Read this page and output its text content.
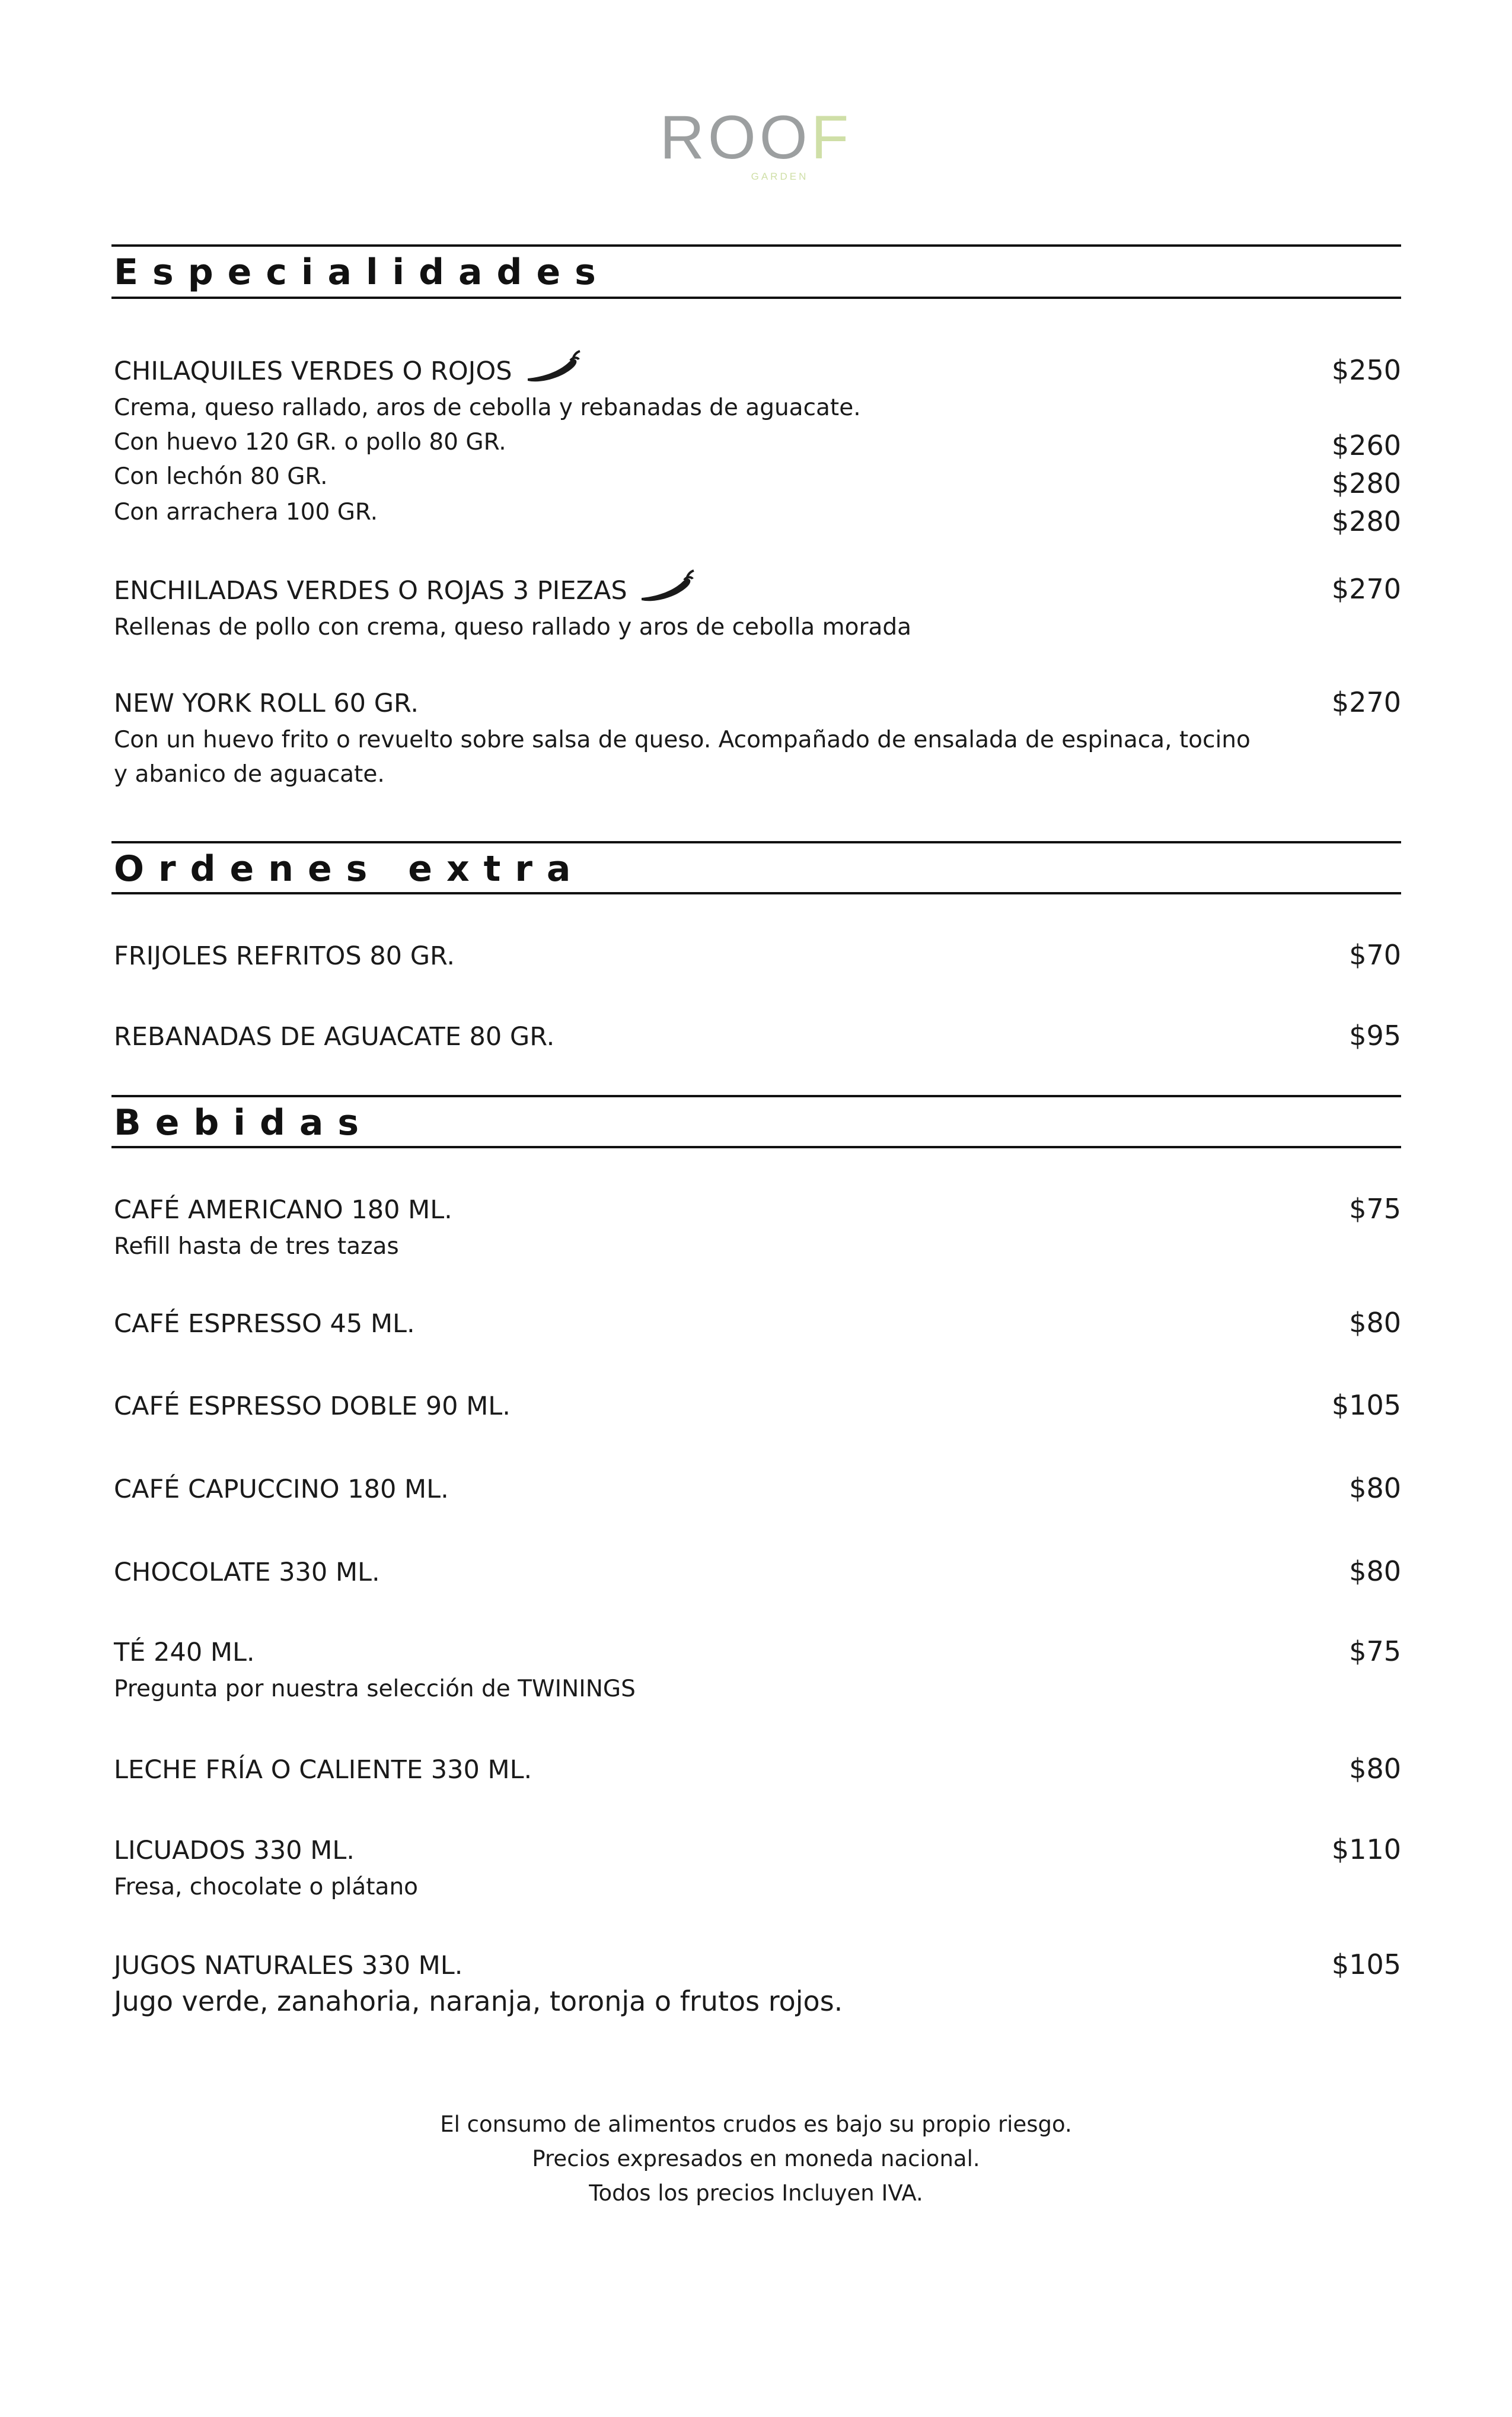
ROOF
GARDEN
Especialidades
CHILAQUILES VERDES O ROJOS	$250
Crema, queso rallado, aros de cebolla y rebanadas de aguacate.
Con huevo 120 GR. o pollo 80 GR.	$260
Con lechón 80 GR.	$280
Con arrachera 100 GR.	$280
ENCHILADAS VERDES O ROJAS 3 PIEZAS	$270
Rellenas de pollo con crema, queso rallado y aros de cebolla morada
NEW YORK ROLL 60 GR.	$270
Con un huevo frito o revuelto sobre salsa de queso. Acompañado de ensalada de espinaca, tocino
y abanico de aguacate.
Ordenes extra
FRIJOLES REFRITOS 80 GR.	$70
REBANADAS DE AGUACATE 80 GR.	$95
Bebidas
CAFÉ AMERICANO 180 ML.	$75
Refill hasta de tres tazas
CAFÉ ESPRESSO 45 ML.	$80
CAFÉ ESPRESSO DOBLE 90 ML.	$105
CAFÉ CAPUCCINO 180 ML.	$80
CHOCOLATE 330 ML.	$80
TÉ 240 ML.	$75
Pregunta por nuestra selección de TWININGS
LECHE FRÍA O CALIENTE 330 ML.	$80
LICUADOS 330 ML.	$110
Fresa, chocolate o plátano
JUGOS NATURALES 330 ML.	$105
Jugo verde, zanahoria, naranja, toronja o frutos rojos.
El consumo de alimentos crudos es bajo su propio riesgo.
Precios expresados en moneda nacional.
Todos los precios Incluyen IVA.
